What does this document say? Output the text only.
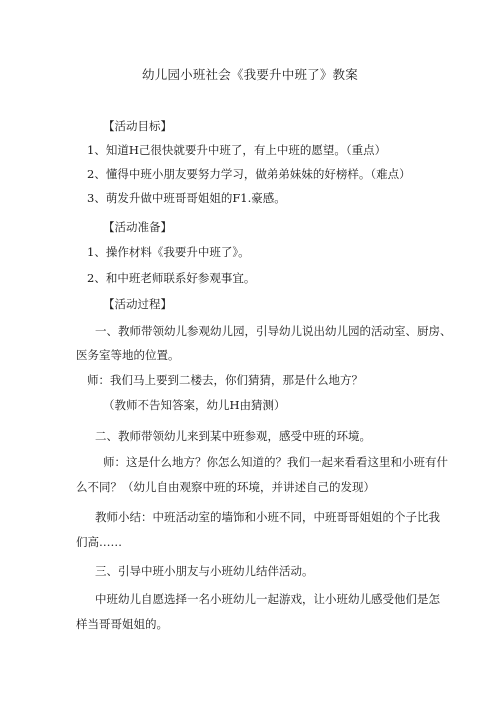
幼儿园小班社会《我要升中班了》教案
【活动目标】
1、知道H己很快就要升中班了，有上中班的愿望。（重点）
2、懂得中班小朋友要努力学习，做弟弟妹妹的好榜样。（难点）
3、萌发升做中班哥哥姐姐的F1.豪感。
【活动准备】
1、操作材料《我要升中班了》。
2、和中班老师联系好参观事宜。
【活动过程】
一、教师带领幼儿参观幼儿园，引导幼儿说出幼儿园的活动室、厨房、
医务室等地的位置。
师：我们马上要到二楼去，你们猜猜，那是什么地方？
（教师不告知答案，幼儿H由猜测）
二、教师带领幼儿来到某中班参观，感受中班的环境。
师：这是什么地方？你怎么知道的？我们一起来看看这里和小班有什
么不同？（幼儿自由观察中班的环境，并讲述自己的发现）
教师小结：中班活动室的墙饰和小班不同，中班哥哥姐姐的个子比我
们高……
三、引导中班小朋友与小班幼儿结伴活动。
中班幼儿自愿选择一名小班幼儿一起游戏，让小班幼儿感受他们是怎
样当哥哥姐姐的。
